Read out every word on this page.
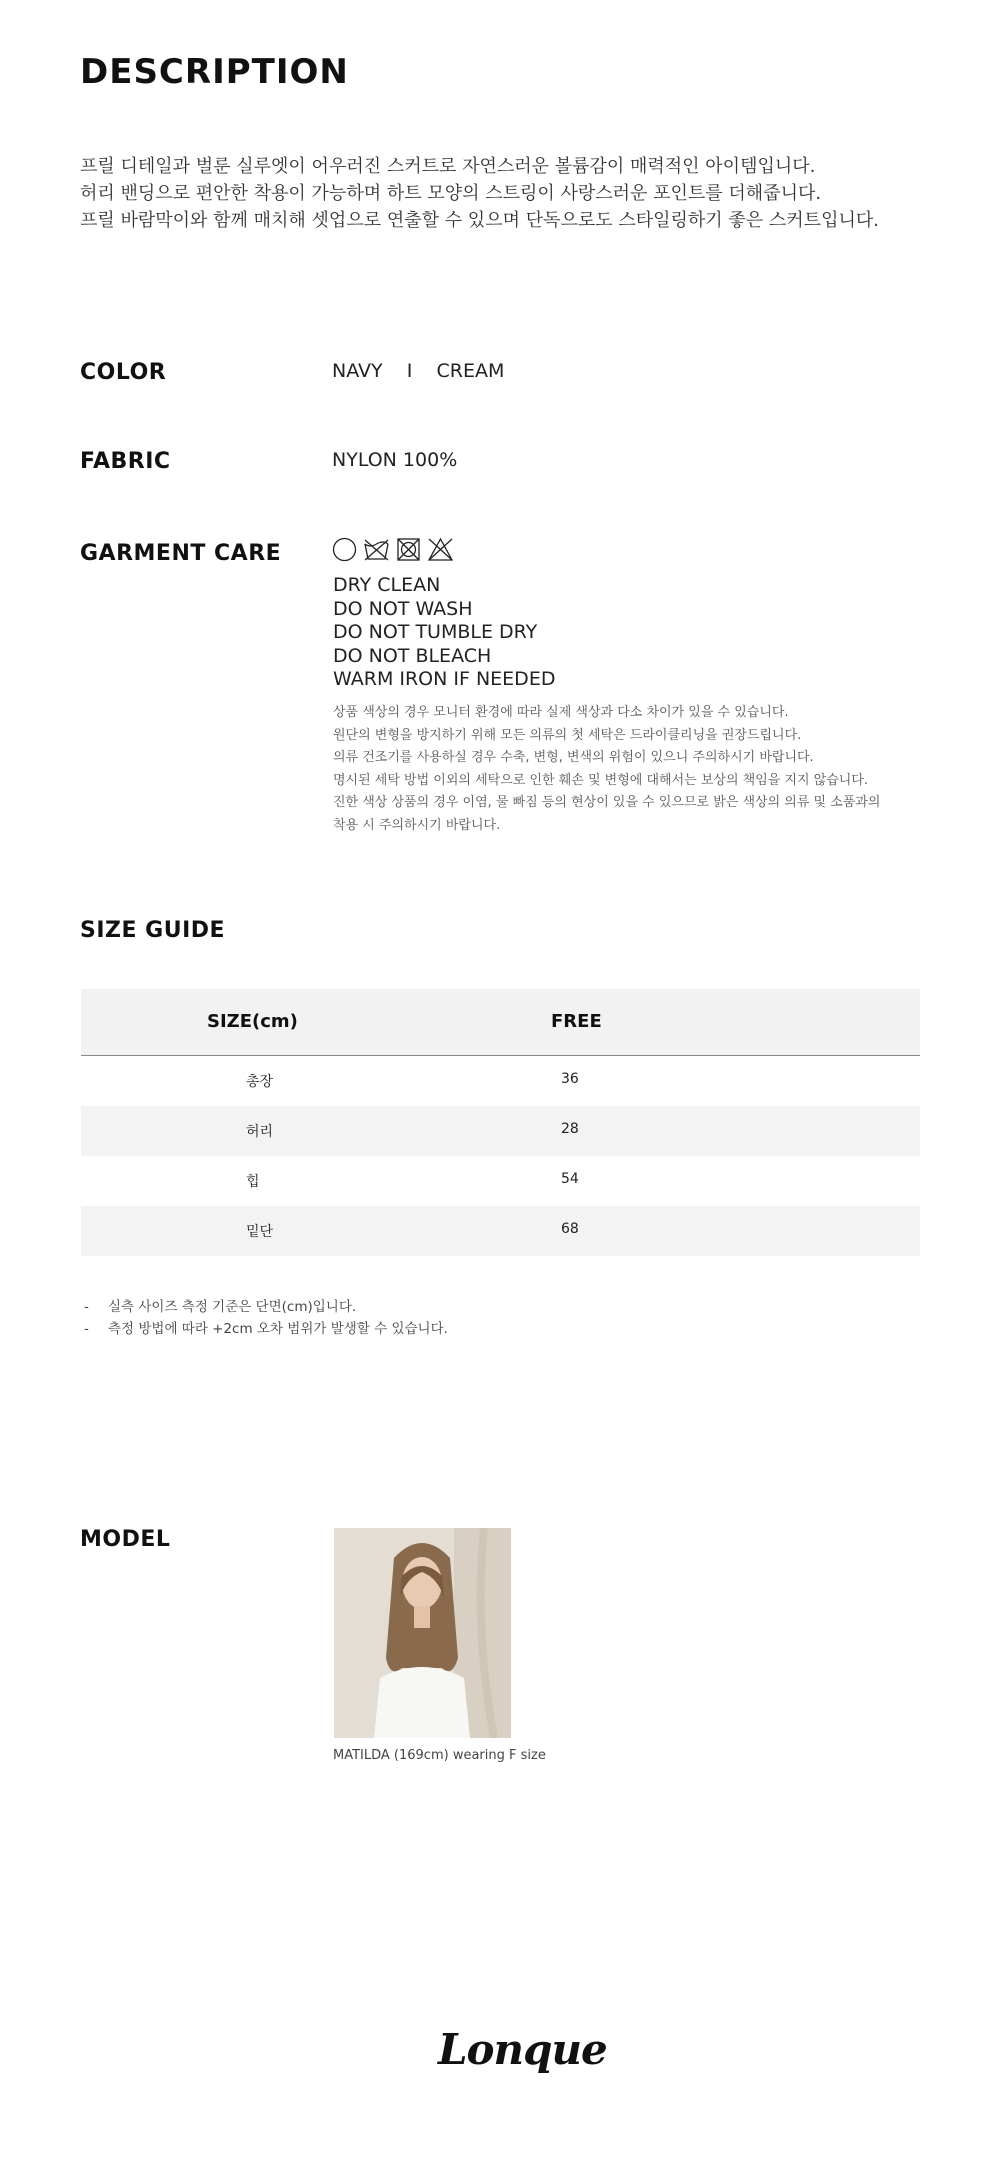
DESCRIPTION
프릴 디테일과 벌룬 실루엣이 어우러진 스커트로 자연스러운 볼륨감이 매력적인 아이템입니다.
허리 밴딩으로 편안한 착용이 가능하며 하트 모양의 스트링이 사랑스러운 포인트를 더해줍니다.
프릴 바람막이와 함께 매치해 셋업으로 연출할 수 있으며 단독으로도 스타일링하기 좋은 스커트입니다.
COLOR	NAVY    I    CREAM
FABRIC	NYLON 100%
GARMENT CARE
DRY CLEAN
DO NOT WASH
DO NOT TUMBLE DRY
DO NOT BLEACH
WARM IRON IF NEEDED
상품 색상의 경우 모니터 환경에 따라 실제 색상과 다소 차이가 있을 수 있습니다.
원단의 변형을 방지하기 위해 모든 의류의 첫 세탁은 드라이클리닝을 권장드립니다.
의류 건조기를 사용하실 경우 수축, 변형, 변색의 위험이 있으니 주의하시기 바랍니다.
명시된 세탁 방법 이외의 세탁으로 인한 훼손 및 변형에 대해서는 보상의 책임을 지지 않습니다.
진한 색상 상품의 경우 이염, 물 빠짐 등의 현상이 있을 수 있으므로 밝은 색상의 의류 및 소품과의
착용 시 주의하시기 바랍니다.
SIZE GUIDE
SIZE(cm)	FREE
총장	36
허리	28
힙	54
밑단	68
-	실측 사이즈 측정 기준은 단면(cm)입니다.
-	측정 방법에 따라 +2cm 오차 범위가 발생할 수 있습니다.
MODEL
MATILDA (169cm) wearing F size
Lonque
